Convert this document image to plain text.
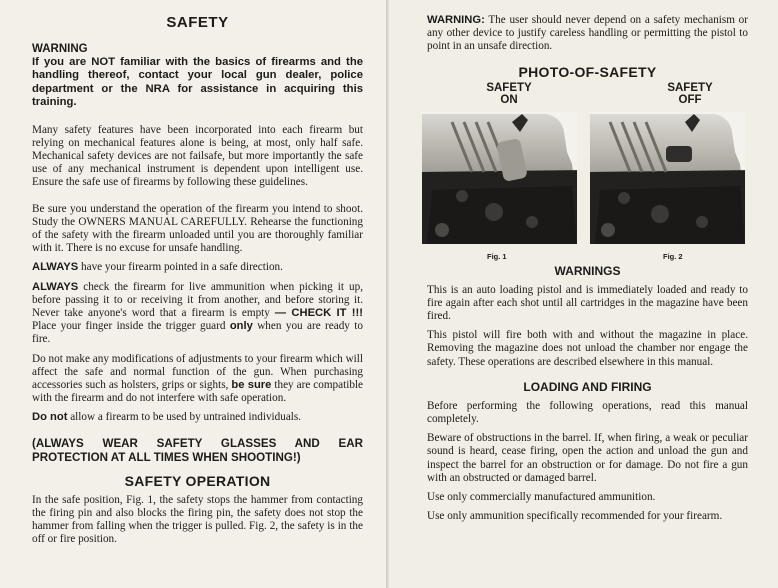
SAFETY
WARNING

If you are NOT familiar with the basics of firearms and the handling thereof, contact your local gun dealer, police department or the NRA for assistance in acquiring this training.

Many safety features have been incorporated into each firearm but relying on mechanical features alone is being, at most, only half safe. Mechanical safety devices are not failsafe, but more importantly the safe use of any mechanical instrument is dependent upon intelligent use. Ensure the safe use of firearms by following these guidelines.

Be sure you understand the operation of the firearm you intend to shoot. Study the OWNERS MANUAL CAREFULLY. Rehearse the functioning of the safety with the firearm unloaded until you are thoroughly familiar with it. There is no excuse for unsafe handling.

ALWAYS have your firearm pointed in a safe direction.

ALWAYS check the firearm for live ammunition when picking it up, before passing it to or receiving it from another, and before storing it. Never take anyone's word that a firearm is empty — CHECK IT !!! Place your finger inside the trigger guard only when you are ready to fire.

Do not make any modifications of adjustments to your firearm which will affect the safe and normal function of the gun. When purchasing accessories such as holsters, grips or sights, be sure they are compatible with the firearm and do not interfere with safe operation.

Do not allow a firearm to be used by untrained individuals.

(ALWAYS WEAR SAFETY GLASSES AND EAR PROTECTION AT ALL TIMES WHEN SHOOTING!)

SAFETY OPERATION

In the safe position, Fig. 1, the safety stops the hammer from contacting the firing pin and also blocks the firing pin, the safety does not stop the hammer from falling when the trigger is pulled. Fig. 2, the safety is in the off or fire position.

WARNING: The user should never depend on a safety mechanism or any other device to justify careless handling or permitting the pistol to point in an unsafe direction.

PHOTO-OF-SAFETY
SAFETY
ON
SAFETY
OFF
Fig. 1	Fig. 2
WARNINGS

This is an auto loading pistol and is immediately loaded and ready to fire again after each shot until all cartridges in the magazine have been fired.

This pistol will fire both with and without the magazine in place. Removing the magazine does not unload the chamber nor engage the safety. These operations are described elsewhere in this manual.

LOADING AND FIRING

Before performing the following operations, read this manual completely.

Beware of obstructions in the barrel. If, when firing, a weak or peculiar sound is heard, cease firing, open the action and unload the gun and inspect the barrel for an obstruction or for damage. Do not fire a gun with an obstructed or damaged barrel.

Use only commercially manufactured ammunition.

Use only ammunition specifically recommended for your firearm.
